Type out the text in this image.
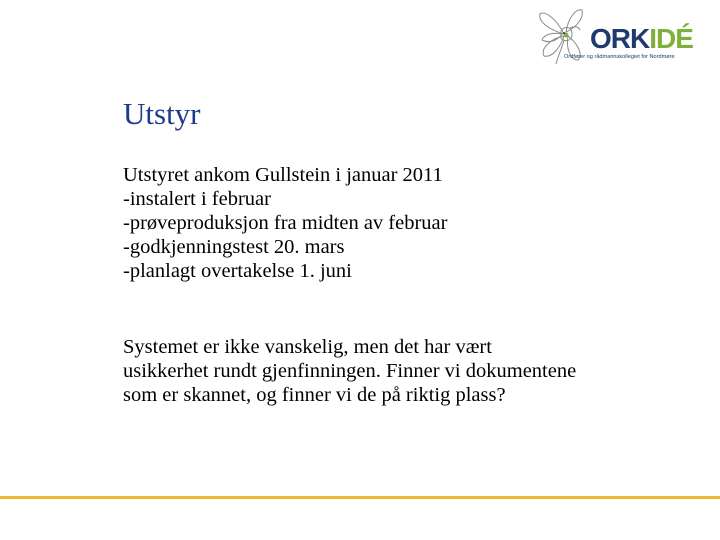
ORKIDÉ
Ordfører og rådmannskollegiet for Nordmøre
Utstyr
Utstyret ankom Gullstein i januar 2011
-instalert i februar
-prøveproduksjon fra midten av februar
-godkjenningstest 20. mars
-planlagt overtakelse 1. juni
Systemet er ikke vanskelig, men det har vært
usikkerhet rundt gjenfinningen. Finner vi dokumentene
som er skannet, og finner vi de på riktig plass?
